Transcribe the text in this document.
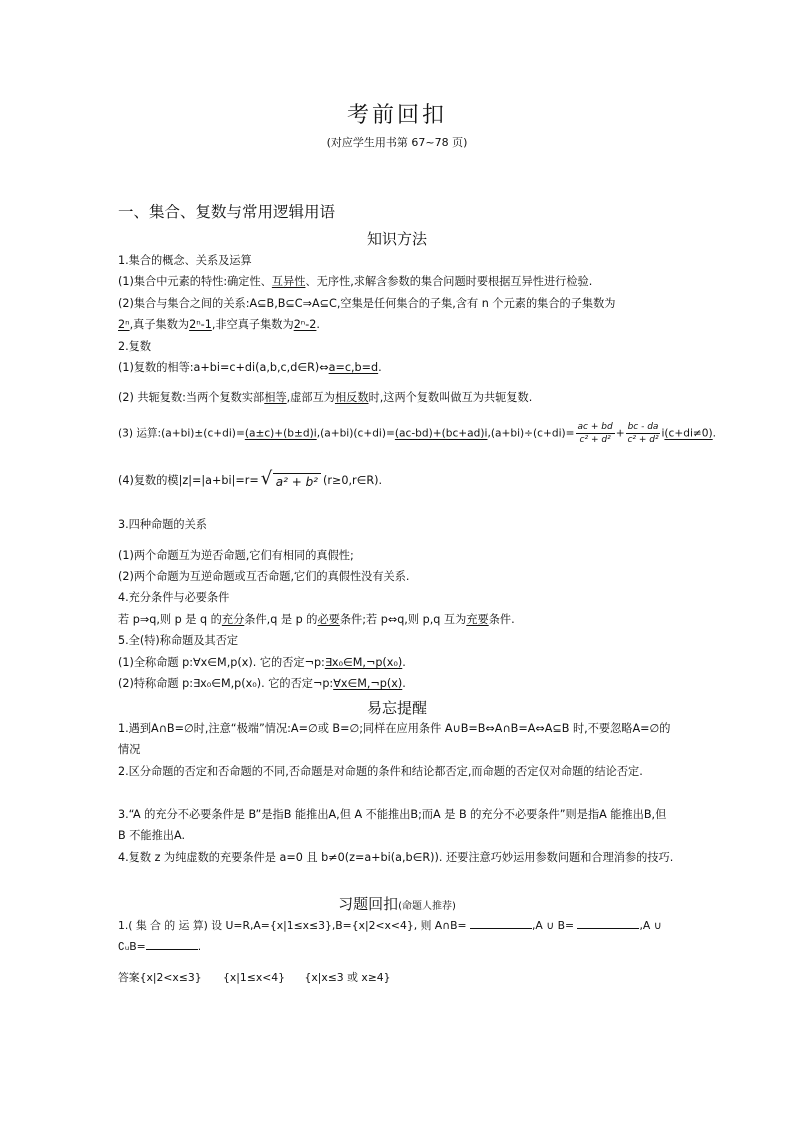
考前回扣
(对应学生用书第 67~78 页)
一、集合、复数与常用逻辑用语
知识方法
1.集合的概念、关系及运算
(1)集合中元素的特性:确定性、互异性、无序性,求解含参数的集合问题时要根据互异性进行检验.
(2)集合与集合之间的关系:A⊆B,B⊆C⇒A⊆C,空集是任何集合的子集,含有 n 个元素的集合的子集数为
2ⁿ,真子集数为2ⁿ-1,非空真子集数为2ⁿ-2.
2.复数
(1)复数的相等:a+bi=c+di(a,b,c,d∈R)⇔a=c,b=d.
(2) 共轭复数:当两个复数实部相等,虚部互为相反数时,这两个复数叫做互为共轭复数.
(3) 运算:(a+bi)±(c+di)=(a±c)+(b±d)i,(a+bi)(c+di)=(ac-bd)+(bc+ad)i,(a+bi)÷(c+di)= $\frac{ac + bd}{\text{c² + d²}} + \frac{bc - da}{\text{c² + d²}} i(c+di\ne 0)$.
(4)复数的模|z|=|a+bi|=r= √ a² + b² (r≥0,r∈R).
3.四种命题的关系
(1)两个命题互为逆否命题,它们有相同的真假性;
(2)两个命题为互逆命题或互否命题,它们的真假性没有关系.
4.充分条件与必要条件
若 p⇒q,则 p 是 q 的充分条件,q 是 p 的必要条件;若 p⇔q,则 p,q 互为充要条件.
5.全(特)称命题及其否定
(1)全称命题 p:∀x∈M,p(x). 它的否定¬p:∃x₀∈M,¬p(x₀).
(2)特称命题 p:∃x₀∈M,p(x₀). 它的否定¬p:∀x∈M,¬p(x).
易忘提醒
1.遇到A∩B=∅时,注意“极端”情况:A=∅或 B=∅;同样在应用条件 A∪B=B⇔A∩B=A⇔A⊆B 时,不要忽略A=∅的情况
2.区分命题的否定和否命题的不同,否命题是对命题的条件和结论都否定,而命题的否定仅对命题的结论否定.
3.“A 的充分不必要条件是 B”是指B 能推出A,但 A 不能推出B;而A 是 B 的充分不必要条件”则是指A 能推出B,但 B 不能推出A.
4.复数 z 为纯虚数的充要条件是 a=0 且 b≠0(z=a+bi(a,b∈R)). 还要注意巧妙运用参数问题和合理消参的技巧.
习题回扣(命题人推荐)
1.( 集 合 的 运 算) 设 U=R,A={x|1≤x≤3},B={x|2<x<4}, 则 A∩B=	,A ∪ B=	,A ∪
∁ᵤB=	.
答案{x|2<x≤3} {x|1≤x<4} {x|x≤3 或 x≥4}
